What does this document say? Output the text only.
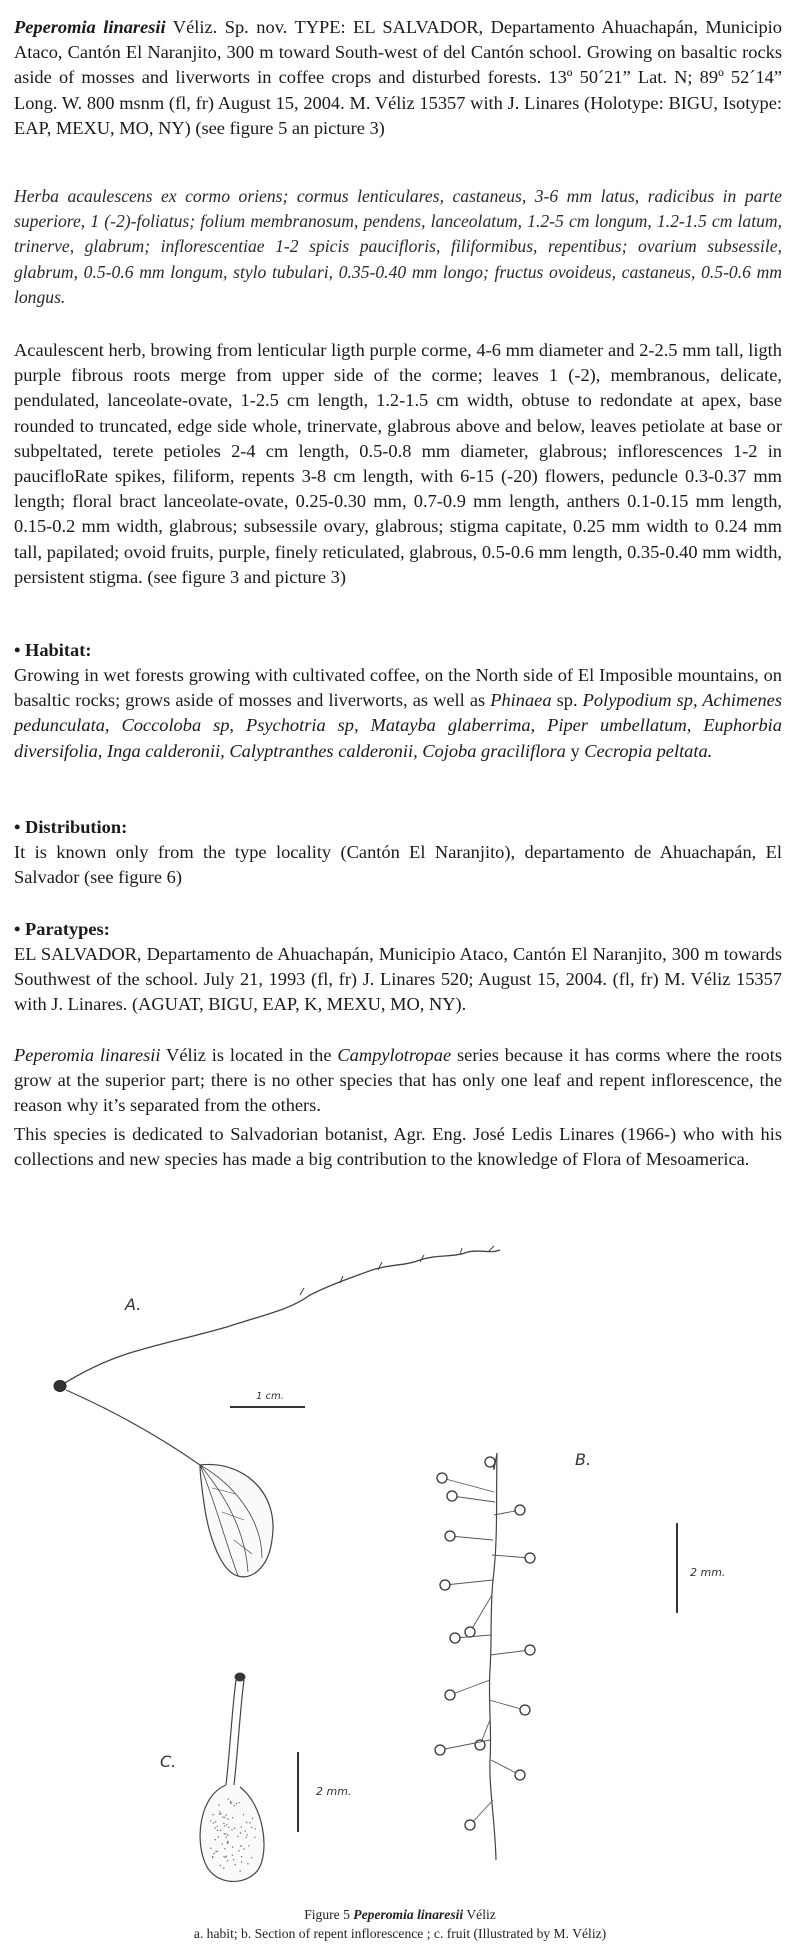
Peperomia linaresii Véliz. Sp. nov. TYPE: EL SALVADOR, Departamento Ahuachapán, Municipio Ataco, Cantón El Naranjito, 300 m toward South-west of del Cantón school. Growing on basaltic rocks aside of mosses and liverworts in coffee crops and disturbed forests. 13º 50´21” Lat. N; 89º 52´14” Long. W. 800 msnm (fl, fr) August 15, 2004. M. Véliz 15357 with J. Linares (Holotype: BIGU, Isotype: EAP, MEXU, MO, NY) (see figure 5 an picture 3)

Herba acaulescens ex cormo oriens; cormus lenticulares, castaneus, 3-6 mm latus, radicibus in parte superiore, 1 (-2)-foliatus; folium membranosum, pendens, lanceolatum, 1.2-5 cm longum, 1.2-1.5 cm latum, trinerve, glabrum; inflorescentiae 1-2 spicis paucifloris, filiformibus, repentibus; ovarium subsessile, glabrum, 0.5-0.6 mm longum, stylo tubulari, 0.35-0.40 mm longo; fructus ovoideus, castaneus, 0.5-0.6 mm longus.

Acaulescent herb, browing from lenticular ligth purple corme, 4-6 mm diameter and 2-2.5 mm tall, ligth purple fibrous roots merge from upper side of the corme; leaves 1 (-2), membranous, delicate, pendulated, lanceolate-ovate, 1-2.5 cm length, 1.2-1.5 cm width, obtuse to redondate at apex, base rounded to truncated, edge side whole, trinervate, glabrous above and below, leaves petiolate at base or subpeltated, terete petioles 2-4 cm length, 0.5-0.8 mm diameter, glabrous; inflorescences 1-2 in paucifloRate spikes, filiform, repents 3-8 cm length, with 6-15 (-20) flowers, peduncle 0.3-0.37 mm length; floral bract lanceolate-ovate, 0.25-0.30 mm, 0.7-0.9 mm length, anthers 0.1-0.15 mm length, 0.15-0.2 mm width, glabrous; subsessile ovary, glabrous; stigma capitate, 0.25 mm width to 0.24 mm tall, papilated; ovoid fruits, purple, finely reticulated, glabrous, 0.5-0.6 mm length, 0.35-0.40 mm width, persistent stigma. (see figure 3 and picture 3)

• Habitat:

Growing in wet forests growing with cultivated coffee, on the North side of El Imposible mountains, on basaltic rocks; grows aside of mosses and liverworts, as well as Phinaea sp. Polypodium sp, Achimenes pedunculata, Coccoloba sp, Psychotria sp, Matayba glaberrima, Piper umbellatum, Euphorbia diversifolia, Inga calderonii, Calyptranthes calderonii, Cojoba graciliflora y Cecropia peltata.

• Distribution:

It is known only from the type locality (Cantón El Naranjito), departamento de Ahuachapán, El Salvador (see figure 6)

• Paratypes:

EL SALVADOR, Departamento de Ahuachapán, Municipio Ataco, Cantón El Naranjito, 300 m towards Southwest of the school. July 21, 1993 (fl, fr) J. Linares 520; August 15, 2004. (fl, fr) M. Véliz 15357 with J. Linares. (AGUAT, BIGU, EAP, K, MEXU, MO, NY).

Peperomia linaresii Véliz is located in the Campylotropae series because it has corms where the roots grow at the superior part; there is no other species that has only one leaf and repent inflorescence, the reason why it’s separated from the others.

This species is dedicated to Salvadorian botanist, Agr. Eng. José Ledis Linares (1966-) who with his collections and new species has made a big contribution to the knowledge of Flora of Mesoamerica.

A.
1 cm.
B.
2 mm.
C.
2 mm.
Figure 5 Peperomia linaresii Véliz
a. habit; b. Section of repent inflorescence ; c. fruit (Illustrated by M. Véliz)
